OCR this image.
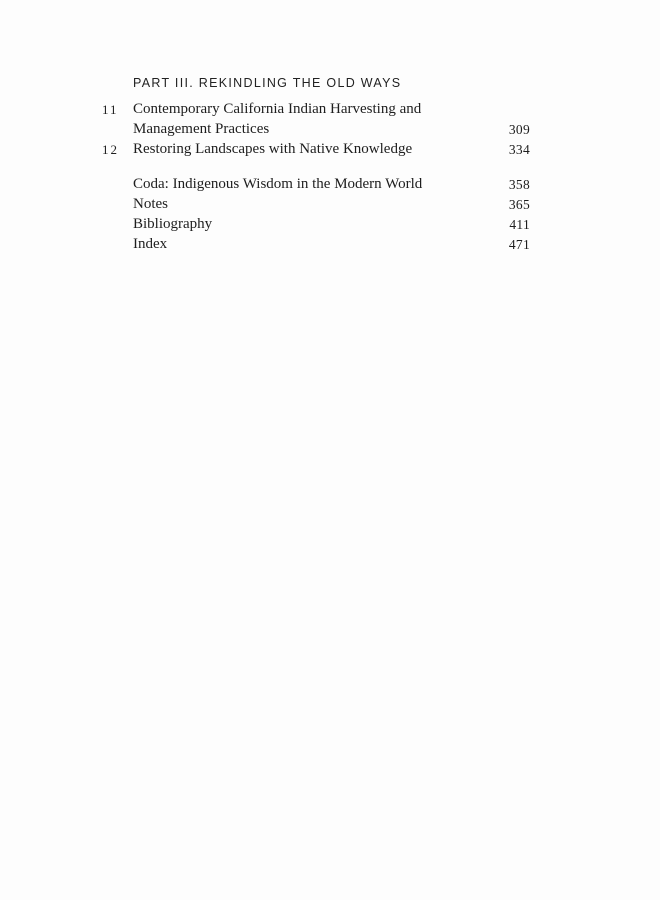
PART III. REKINDLING THE OLD WAYS
11 Contemporary California Indian Harvesting and
Management Practices	309
12 Restoring Landscapes with Native Knowledge	334
Coda: Indigenous Wisdom in the Modern World	358
Notes	365
Bibliography	411
Index	471
